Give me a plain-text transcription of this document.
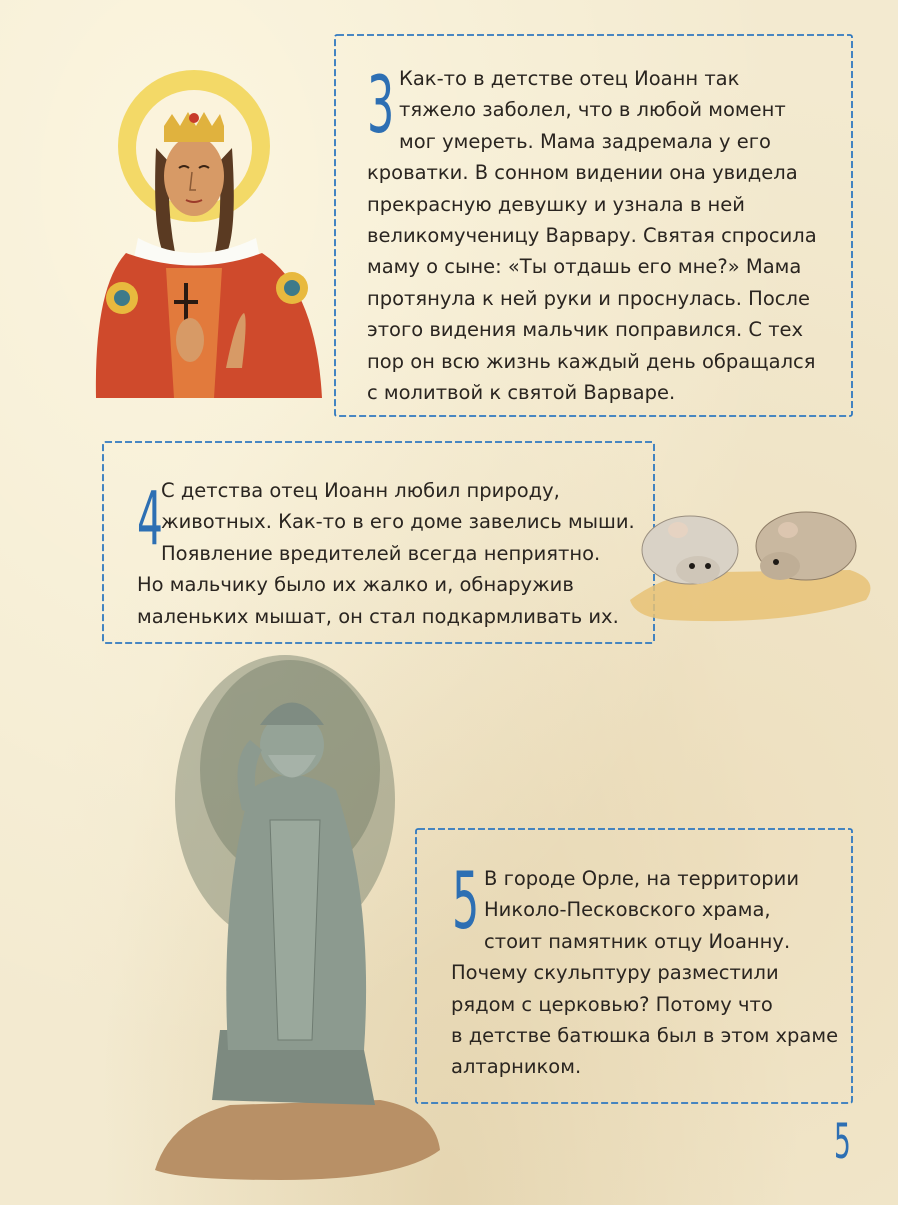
3 Как-то в детстве отец Иоанн так
тяжело заболел, что в любой момент
мог умереть. Мама задремала у его
кроватки. В сонном видении она увидела
прекрасную девушку и узнала в ней
великомученицу Варвару. Святая спросила
маму о сыне: «Ты отдашь его мне?» Мама
протянула к ней руки и проснулась. После
этого видения мальчик поправился. С тех
пор он всю жизнь каждый день обращался
с молитвой к святой Варваре.
4
С детства отец Иоанн любил природу,
животных. Как-то в его доме завелись мыши.
Появление вредителей всегда неприятно.
Но мальчику было их жалко и, обнаружив
маленьких мышат, он стал подкармливать их.
5 В городе Орле, на территории
Николо-Песковского храма,
стоит памятник отцу Иоанну.
Почему скульптуру разместили
рядом с церковью? Потому что
в детстве батюшка был в этом храме
алтарником.
5
